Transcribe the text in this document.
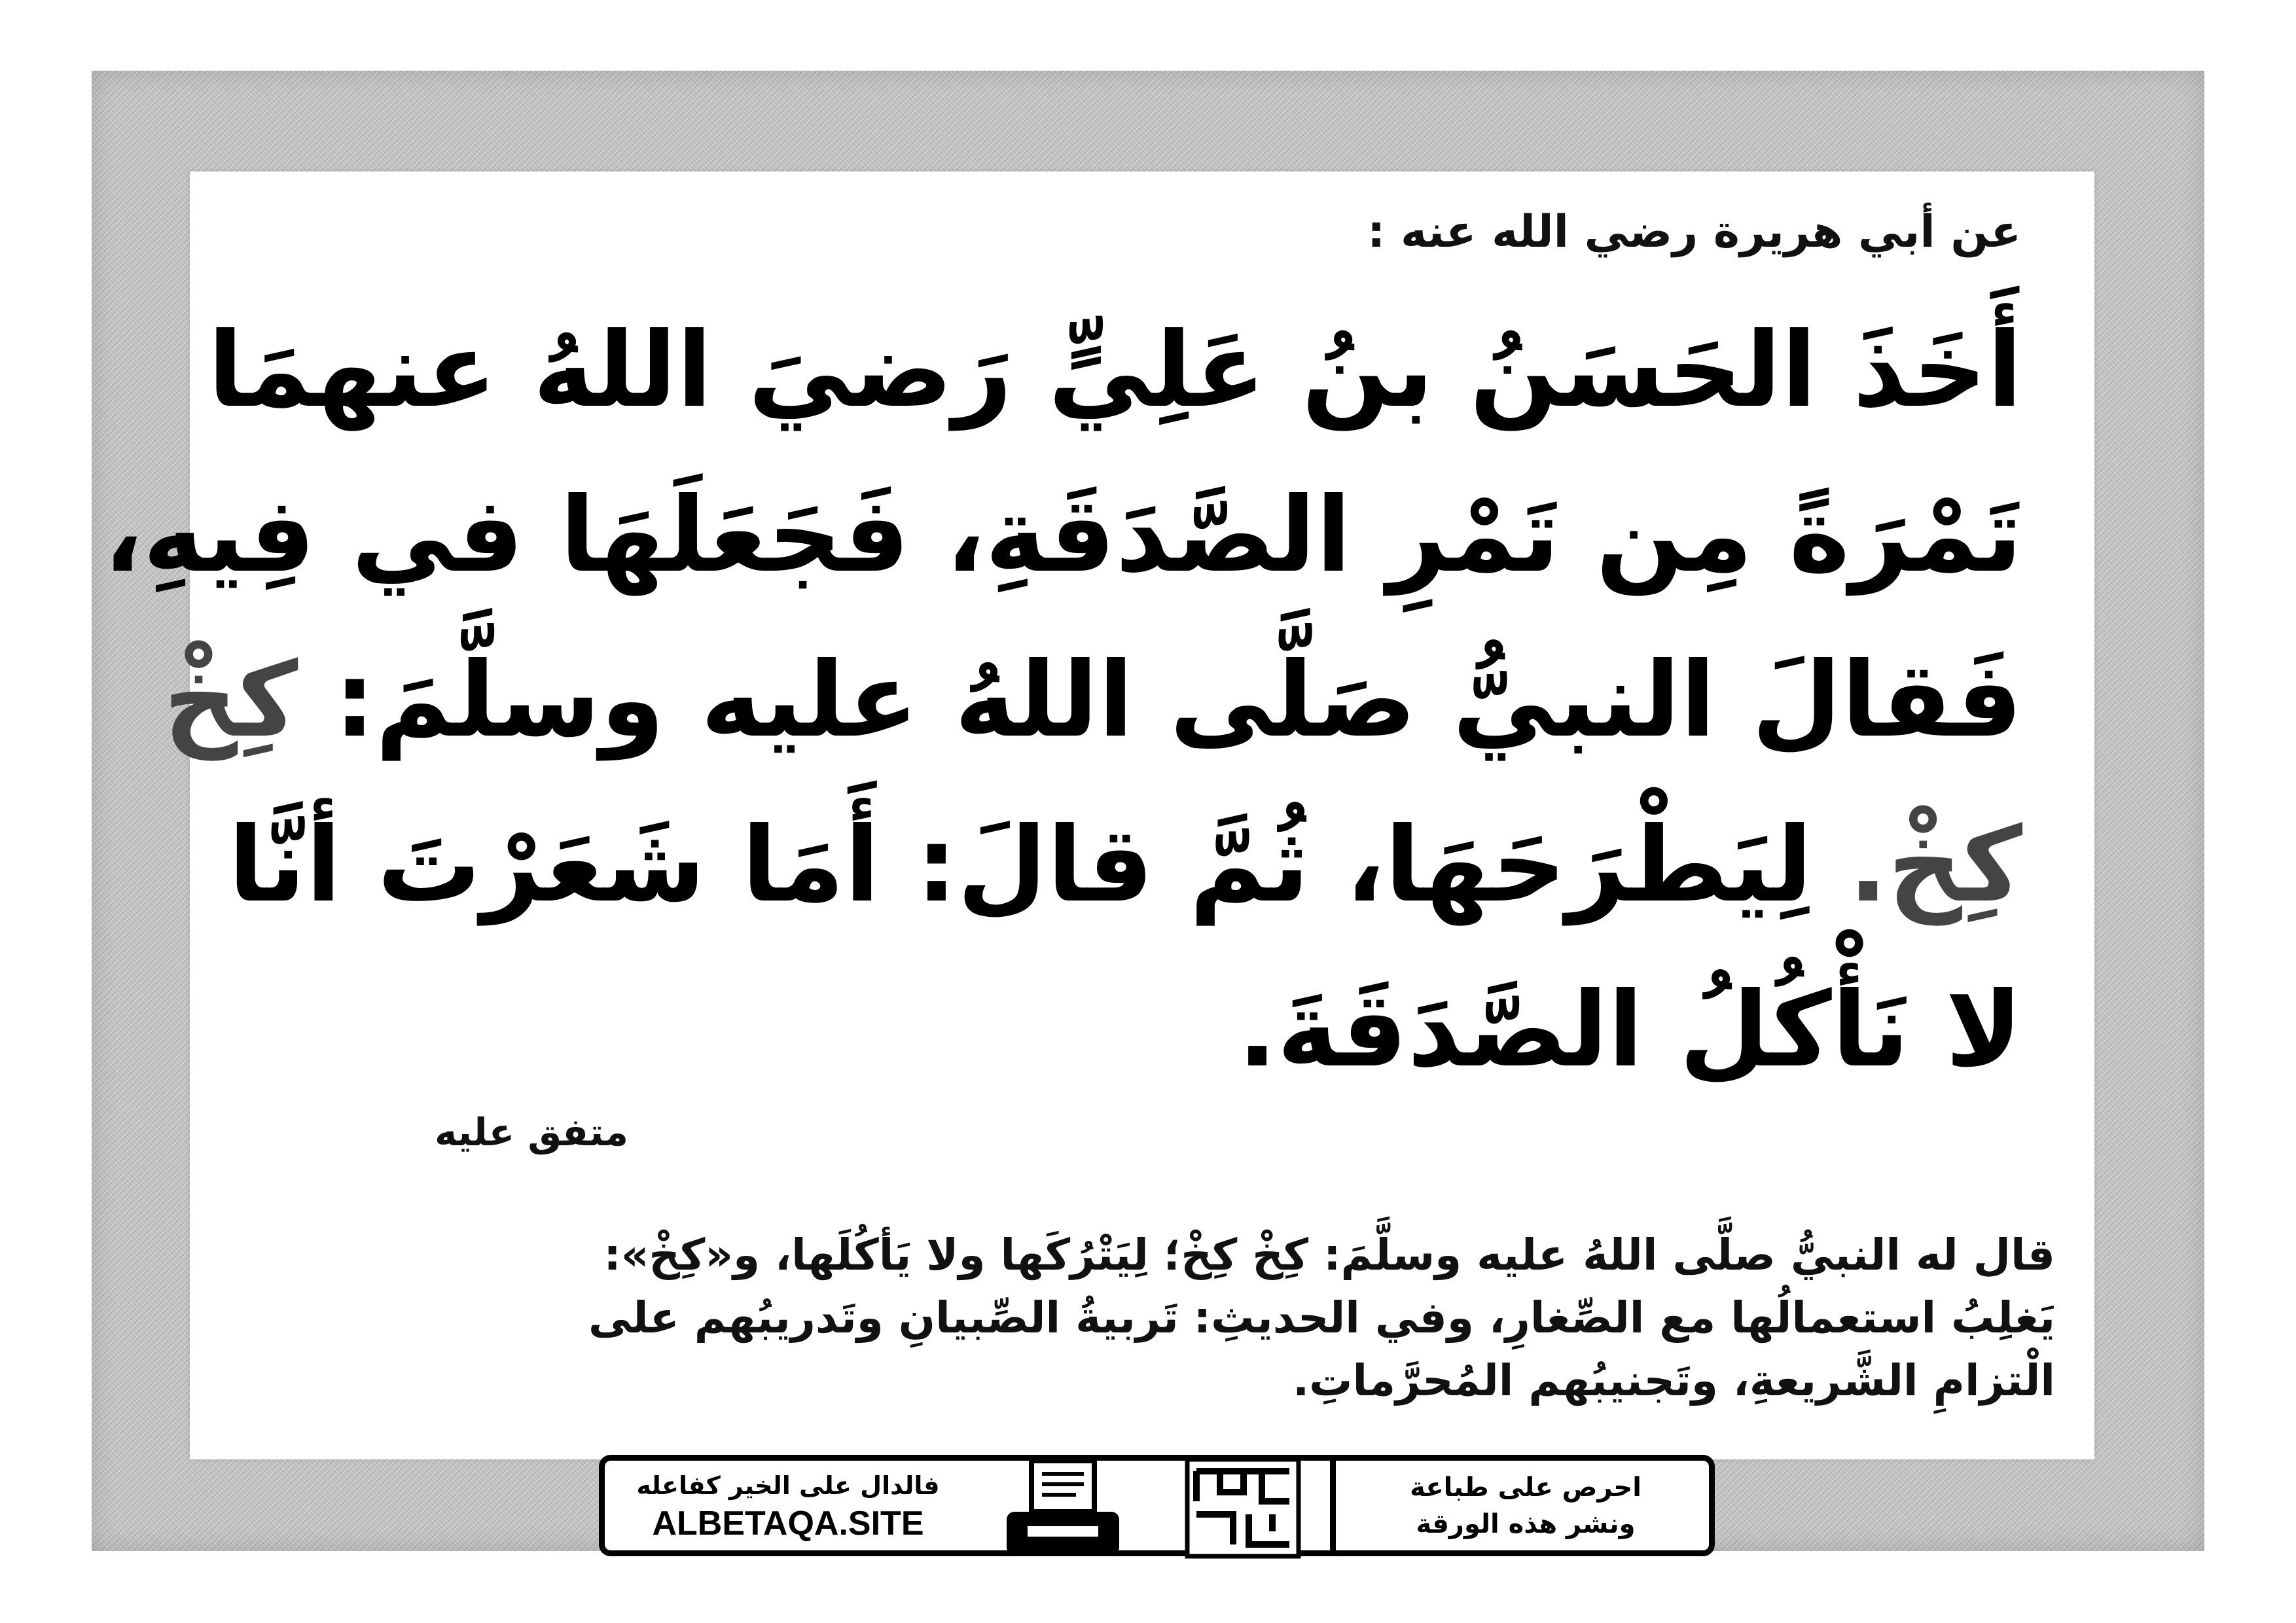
عن أبي هريرة رضي الله عنه :
أَخَذَ الحَسَنُ بنُ عَلِيٍّ رَضيَ اللهُ عنهمَا
تَمْرَةً مِن تَمْرِ الصَّدَقَةِ، فَجَعَلَهَا في فِيهِ،
فَقالَ النبيُّ صَلَّى اللهُ عليه وسلَّمَ: كِخْ
كِخْ. لِيَطْرَحَهَا، ثُمَّ قالَ: أَمَا شَعَرْتَ أنَّا
لا نَأْكُلُ الصَّدَقَةَ.
متفق عليه
قال له النبيُّ صلَّى اللهُ عليه وسلَّمَ: كِخْ كِخْ؛ لِيَتْرُكَها ولا يَأكُلَها، و«كِخْ»:
يَغلِبُ استعمالُها مع الصِّغارِ، وفي الحديثِ: تَربيةُ الصِّبيانِ وتَدريبُهم على
الْتزامِ الشَّريعةِ، وتَجنيبُهم المُحرَّماتِ.
فالدال على الخير كفاعله
ALBETAQA.SITE
احرص على طباعة
ونشر هذه الورقة
